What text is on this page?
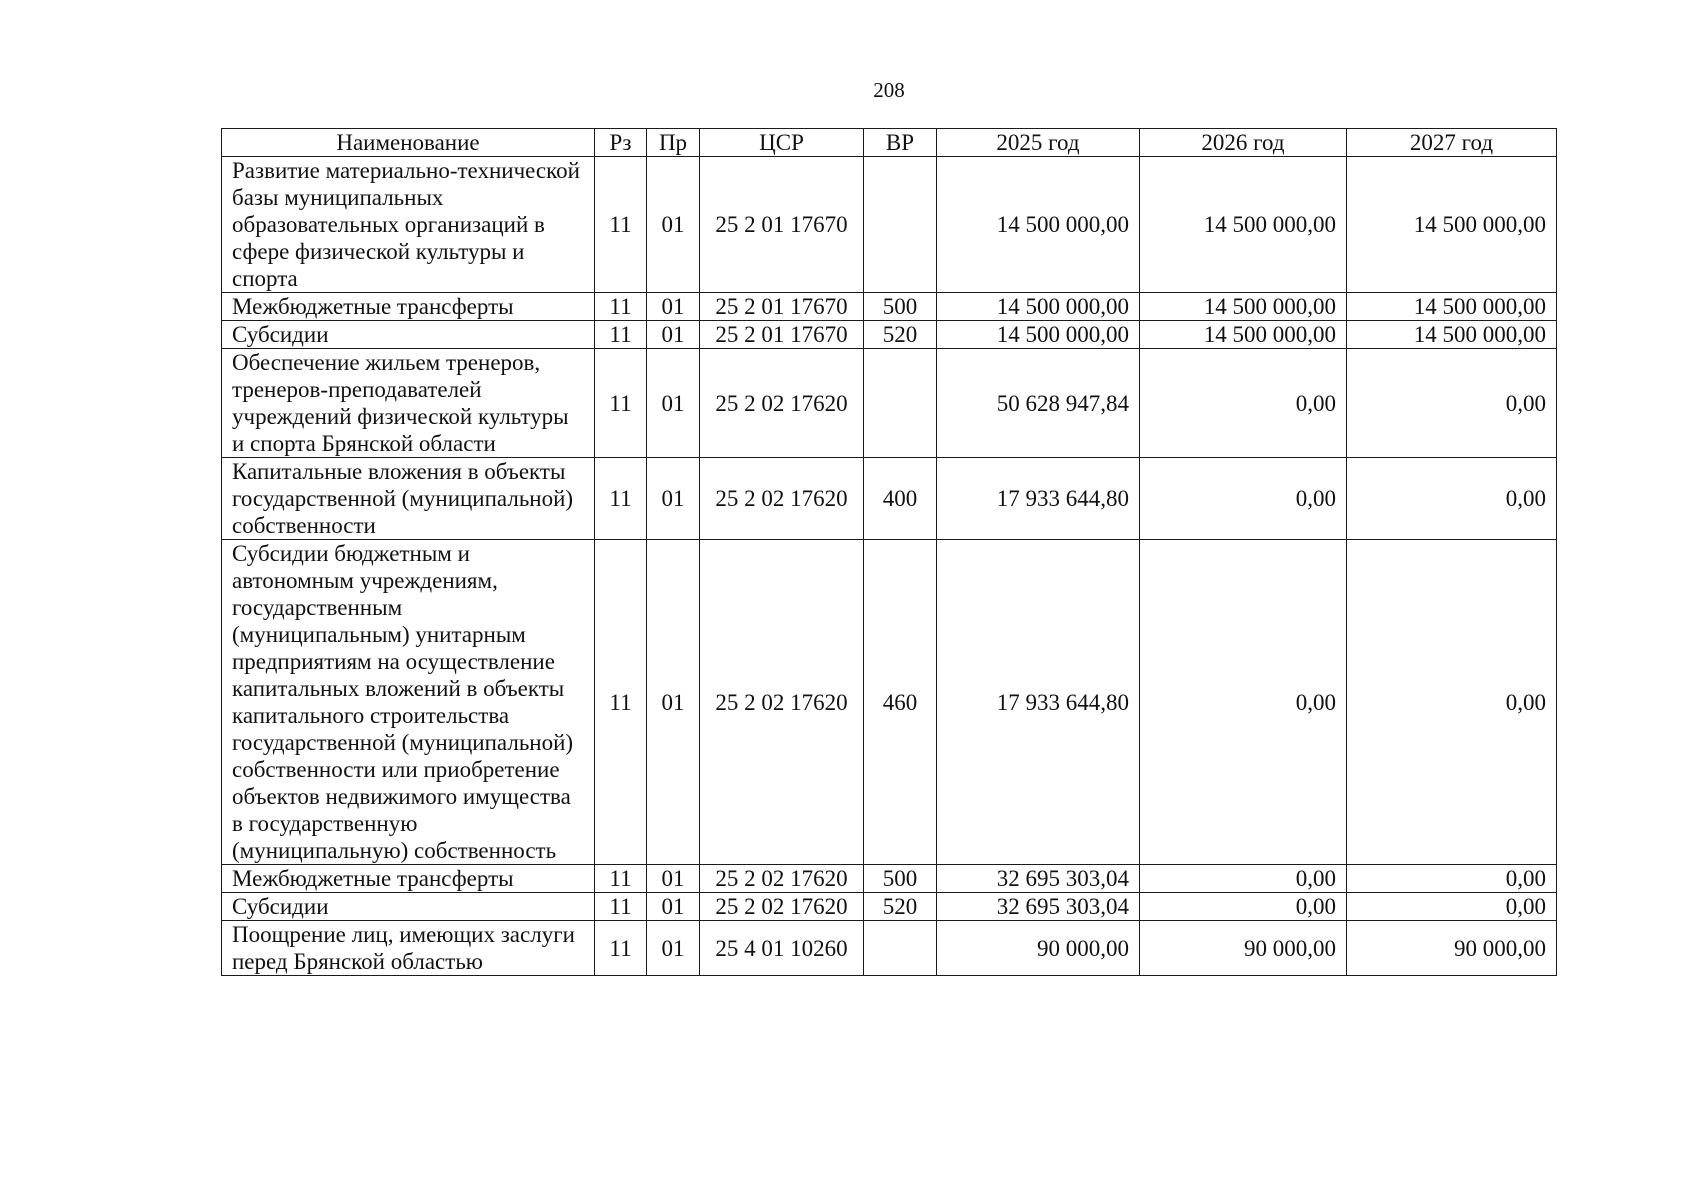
208
Наименование	Рз	Пр	ЦСР	ВР	2025 год	2026 год	2027 год
Развитие материально-технической базы муниципальных образовательных организаций в сфере физической культуры и спорта	11	01	25 2 01 17670		14 500 000,00	14 500 000,00	14 500 000,00
Межбюджетные трансферты	11	01	25 2 01 17670	500	14 500 000,00	14 500 000,00	14 500 000,00
Субсидии	11	01	25 2 01 17670	520	14 500 000,00	14 500 000,00	14 500 000,00
Обеспечение жильем тренеров, тренеров-преподавателей учреждений физической культуры и спорта Брянской области	11	01	25 2 02 17620		50 628 947,84	0,00	0,00
Капитальные вложения в объекты государственной (муниципальной) собственности	11	01	25 2 02 17620	400	17 933 644,80	0,00	0,00
Субсидии бюджетным и автономным учреждениям, государственным (муниципальным) унитарным предприятиям на осуществление капитальных вложений в объекты капитального строительства государственной (муниципальной) собственности или приобретение объектов недвижимого имущества в государственную (муниципальную) собственность	11	01	25 2 02 17620	460	17 933 644,80	0,00	0,00
Межбюджетные трансферты	11	01	25 2 02 17620	500	32 695 303,04	0,00	0,00
Субсидии	11	01	25 2 02 17620	520	32 695 303,04	0,00	0,00
Поощрение лиц, имеющих заслуги перед Брянской областью	11	01	25 4 01 10260		90 000,00	90 000,00	90 000,00
